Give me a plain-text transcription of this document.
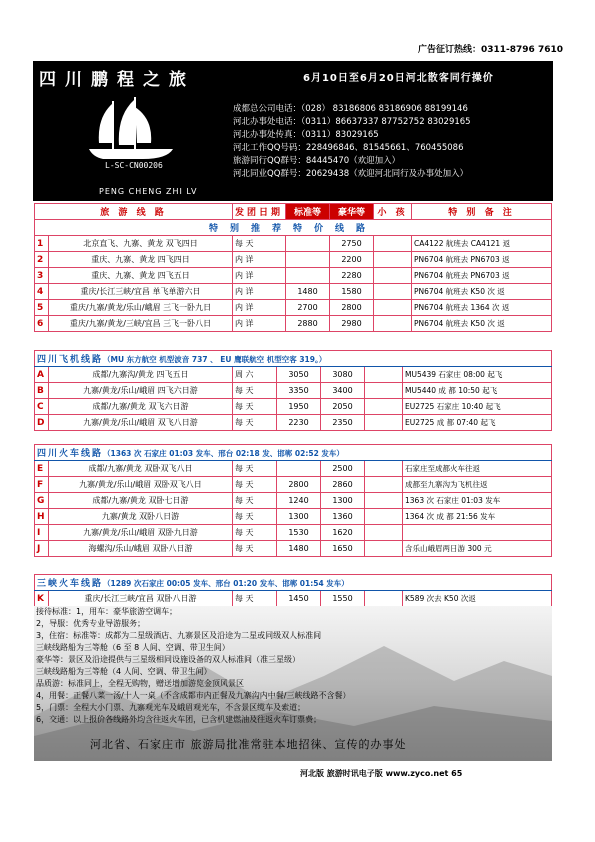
广告征订热线：0311-8796 7610
四川鹏程之旅	6月10日至6月20日河北散客同行操价
L-SC-CN00206
PENG CHENG ZHI LV
成都总公司电话：（028） 83186806 83186906 88199146
河北办事处电话：（0311）86637337 87752752 83029165
河北办事处传真：（0311）83029165
河北工作QQ号码：228496846、81545661、760455086
旅游同行QQ群号：84445470（欢迎加入）
河北同业QQ群号：20629438（欢迎河北同行及办事处加入）
旅 游 线 路		发团日期	标准等	豪华等	小 孩	特 别 备 注
特别推荐特价线路						
1	北京直飞、九寨、黄龙 双飞四日	每 天		2750		CA4122 航班去 CA4121 返
2	重庆、九寨、黄龙 四飞四日	内 详		2200		PN6704 航班去 PN6703 返
3	重庆、九寨、黄龙 四飞五日	内 详		2280		PN6704 航班去 PN6703 返
4	重庆/长江三峡/宜昌 单飞单游六日	内 详	1480	1580		PN6704 航班去 K50 次 返
5	重庆/九寨/黄龙/乐山/峨眉 三飞一卧九日	内 详	2700	2800		PN6704 航班去 1364 次 返
6	重庆/九寨/黄龙/三峡/宜昌 三飞一卧八日	内 详	2880	2980		PN6704 航班去 K50 次 返
四川飞机线路（MU 东方航空 机型波音 737 、 EU 鹰联航空 机型空客 319。）						
A	成都/九寨沟/黄龙 四飞五日	周 六	3050	3080		MU5439 石家庄 08:00 起飞
B	九寨/黄龙/乐山/峨眉 四飞六日游	每 天	3350	3400		MU5440 成 都 10:50 起飞
C	成都/九寨/黄龙 双飞六日游	每 天	1950	2050		EU2725 石家庄 10:40 起飞
D	九寨/黄龙/乐山/峨眉 双飞八日游	每 天	2230	2350		EU2725 成 都 07:40 起飞
四川火车线路（1363 次 石家庄 01:03 发车、邢台 02:18 发、邯郸 02:52 发车）						
E	成都/九寨/黄龙 双卧双飞八日	每 天		2500		石家庄至成都火车往返
F	九寨/黄龙/乐山/峨眉 双卧双飞八日	每 天	2800	2860		成都至九寨沟为飞机往返
G	成都/九寨/黄龙 双卧七日游	每 天	1240	1300		1363 次 石家庄 01:03 发车
H	九寨/黄龙 双卧八日游	每 天	1300	1360		1364 次 成 都 21:56 发车
I	九寨/黄龙/乐山/峨眉 双卧九日游	每 天	1530	1620		
J	海螺沟/乐山/峨眉 双卧八日游	每 天	1480	1650		含乐山峨眉两日游 300 元
三峡火车线路（1289 次石家庄 00:05 发车、邢台 01:20 发车、邯郸 01:54 发车）
K	重庆/长江三峡/宜昌 双卧八日游	每 天	1450	1550		K589 次去 K50 次返
接待标准：1，用车：豪华旅游空调车；
2，导服：优秀专业导游服务；
3，住宿：标准等：成都为二星级酒店、九寨景区及沿途为二星或同级双人标准间
三峡线路船为三等舱（6 至 8 人间、空调、带卫生间）
豪华等：景区及沿途提供与三星级相同设施设备的双人标准间（准三星级）
三峡线路船为三等舱（4 人间、空调、带卫生间）
品质游：标准同上，全程无购物，赠送增加游览金顶风景区
4，用餐：正餐八菜一汤/十人一桌（不含成都市内正餐及九寨沟内中餐/三峡线路不含餐）
5，门票：全程大小门票、九寨观光车及峨眉观光车，不含景区缆车及索道；
6，交通：以上报价各线路外均含往返火车团，已含机建燃油及往返火车订票费；
河北省、石家庄市 旅游局批准常驻本地招徕、宣传的办事处
河北版 旅游时讯电子版 www.zyco.net 65
